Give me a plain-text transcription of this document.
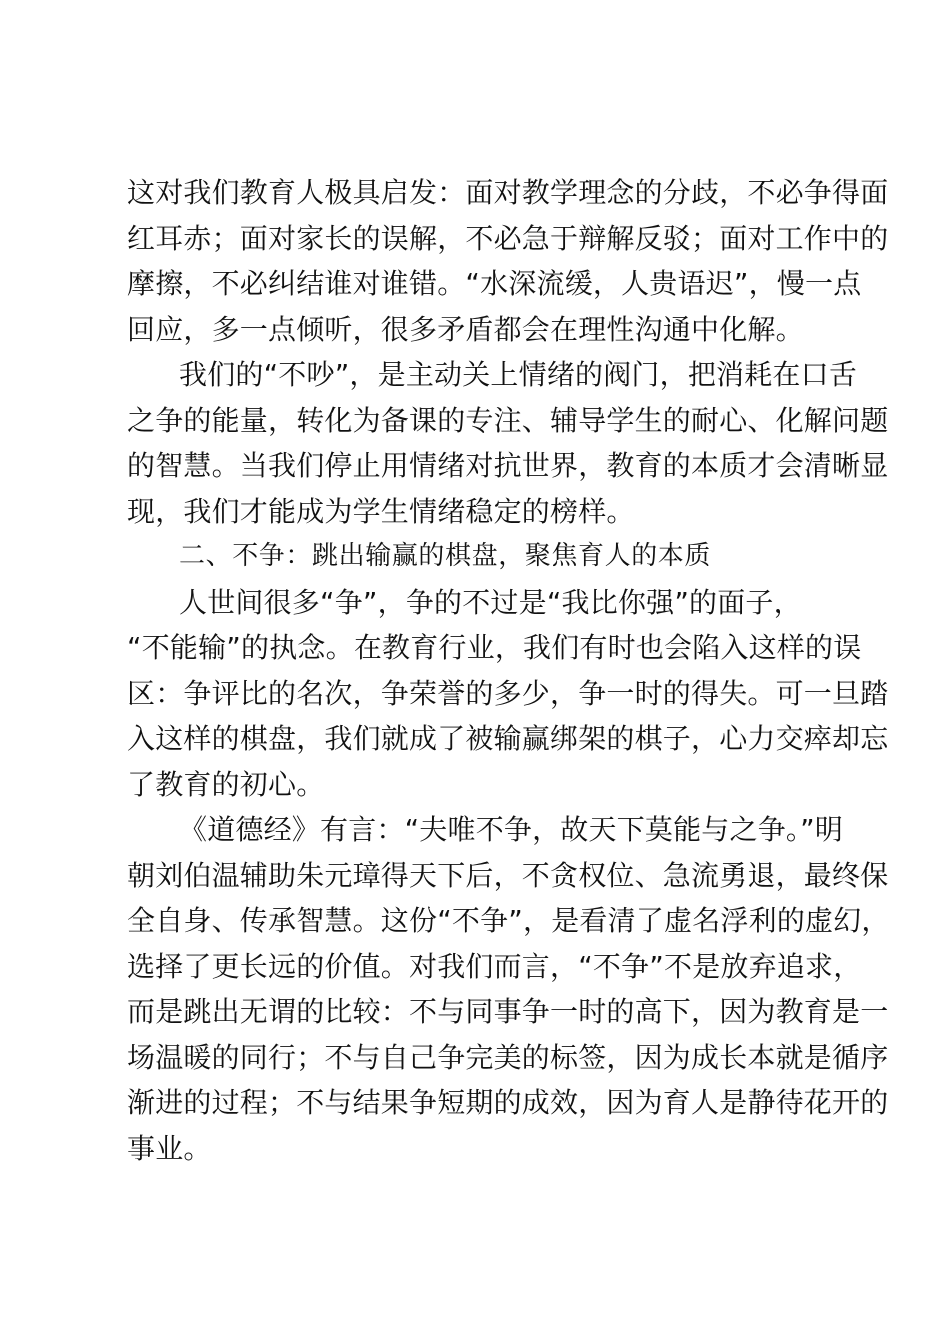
这对我们教育人极具启发：面对教学理念的分歧，不必争得面
红耳赤；面对家长的误解，不必急于辩解反驳；面对工作中的
摩擦，不必纠结谁对谁错。“水深流缓，人贵语迟”，慢一点
回应，多一点倾听，很多矛盾都会在理性沟通中化解。
我们的“不吵”，是主动关上情绪的阀门，把消耗在口舌
之争的能量，转化为备课的专注、辅导学生的耐心、化解问题
的智慧。当我们停止用情绪对抗世界，教育的本质才会清晰显
现，我们才能成为学生情绪稳定的榜样。
二、不争：跳出输赢的棋盘，聚焦育人的本质
人世间很多“争”，争的不过是“我比你强”的面子，
“不能输”的执念。在教育行业，我们有时也会陷入这样的误
区：争评比的名次，争荣誉的多少，争一时的得失。可一旦踏
入这样的棋盘，我们就成了被输赢绑架的棋子，心力交瘁却忘
了教育的初心。
《道德经》有言：“夫唯不争，故天下莫能与之争。”明
朝刘伯温辅助朱元璋得天下后，不贪权位、急流勇退，最终保
全自身、传承智慧。这份“不争”，是看清了虚名浮利的虚幻，
选择了更长远的价值。对我们而言，“不争”不是放弃追求，
而是跳出无谓的比较：不与同事争一时的高下，因为教育是一
场温暖的同行；不与自己争完美的标签，因为成长本就是循序
渐进的过程；不与结果争短期的成效，因为育人是静待花开的
事业。
